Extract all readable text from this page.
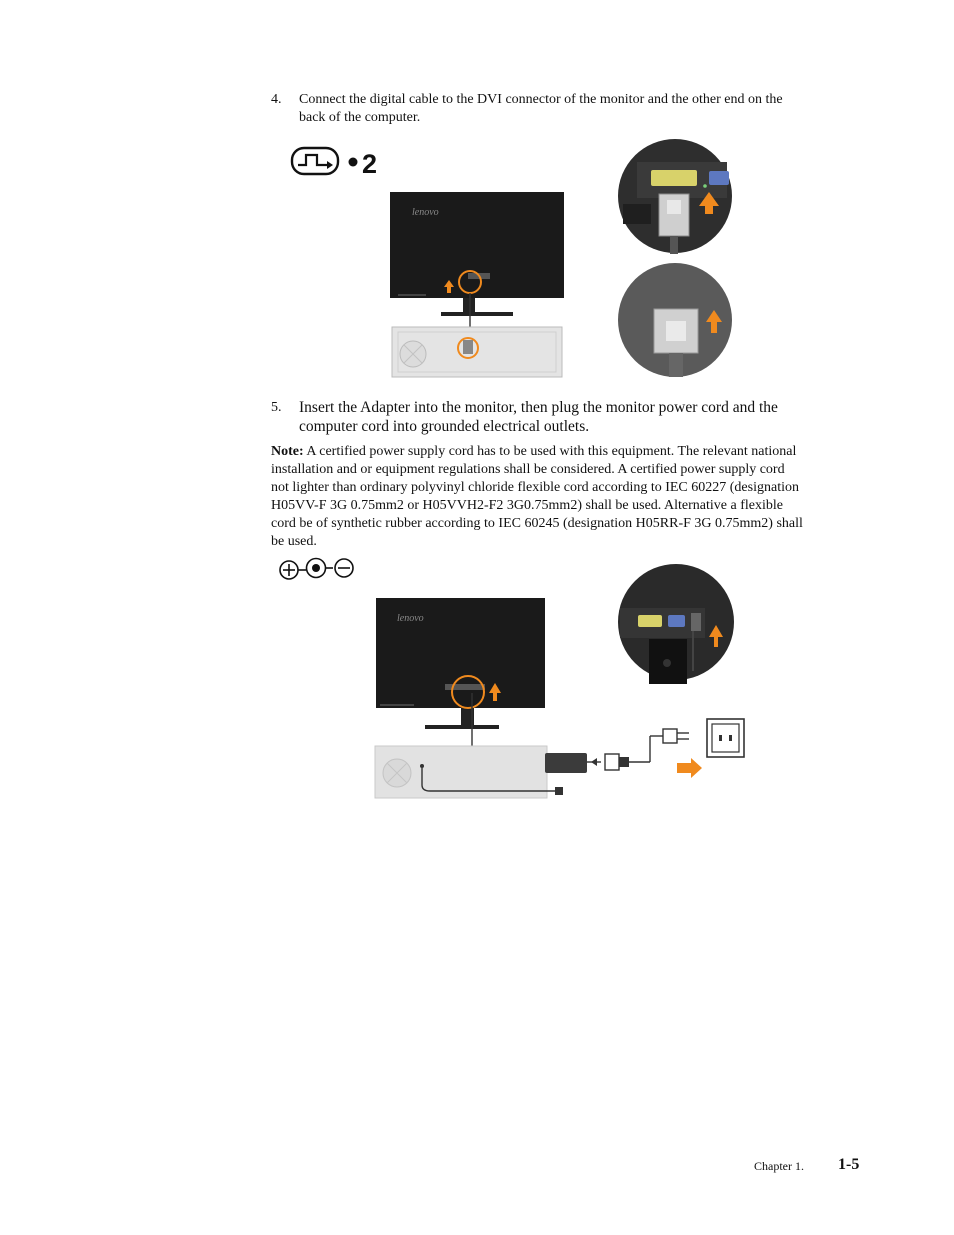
4. Connect the digital cable to the DVI connector of the monitor and the other end on the
back of the computer.
2
lenovo
5. Insert the Adapter into the monitor, then plug the monitor power cord and the
computer cord into grounded electrical outlets.
Note: A certified power supply cord has to be used with this equipment. The relevant national
installation and or equipment regulations shall be considered. A certified power supply cord
not lighter than ordinary polyvinyl chloride flexible cord according to IEC 60227 (designation
H05VV-F 3G 0.75mm2 or H05VVH2-F2 3G0.75mm2) shall be used. Alternative a flexible
cord be of synthetic rubber according to IEC 60245 (designation H05RR-F 3G 0.75mm2) shall
be used.
lenovo
Chapter 1. 1-5
